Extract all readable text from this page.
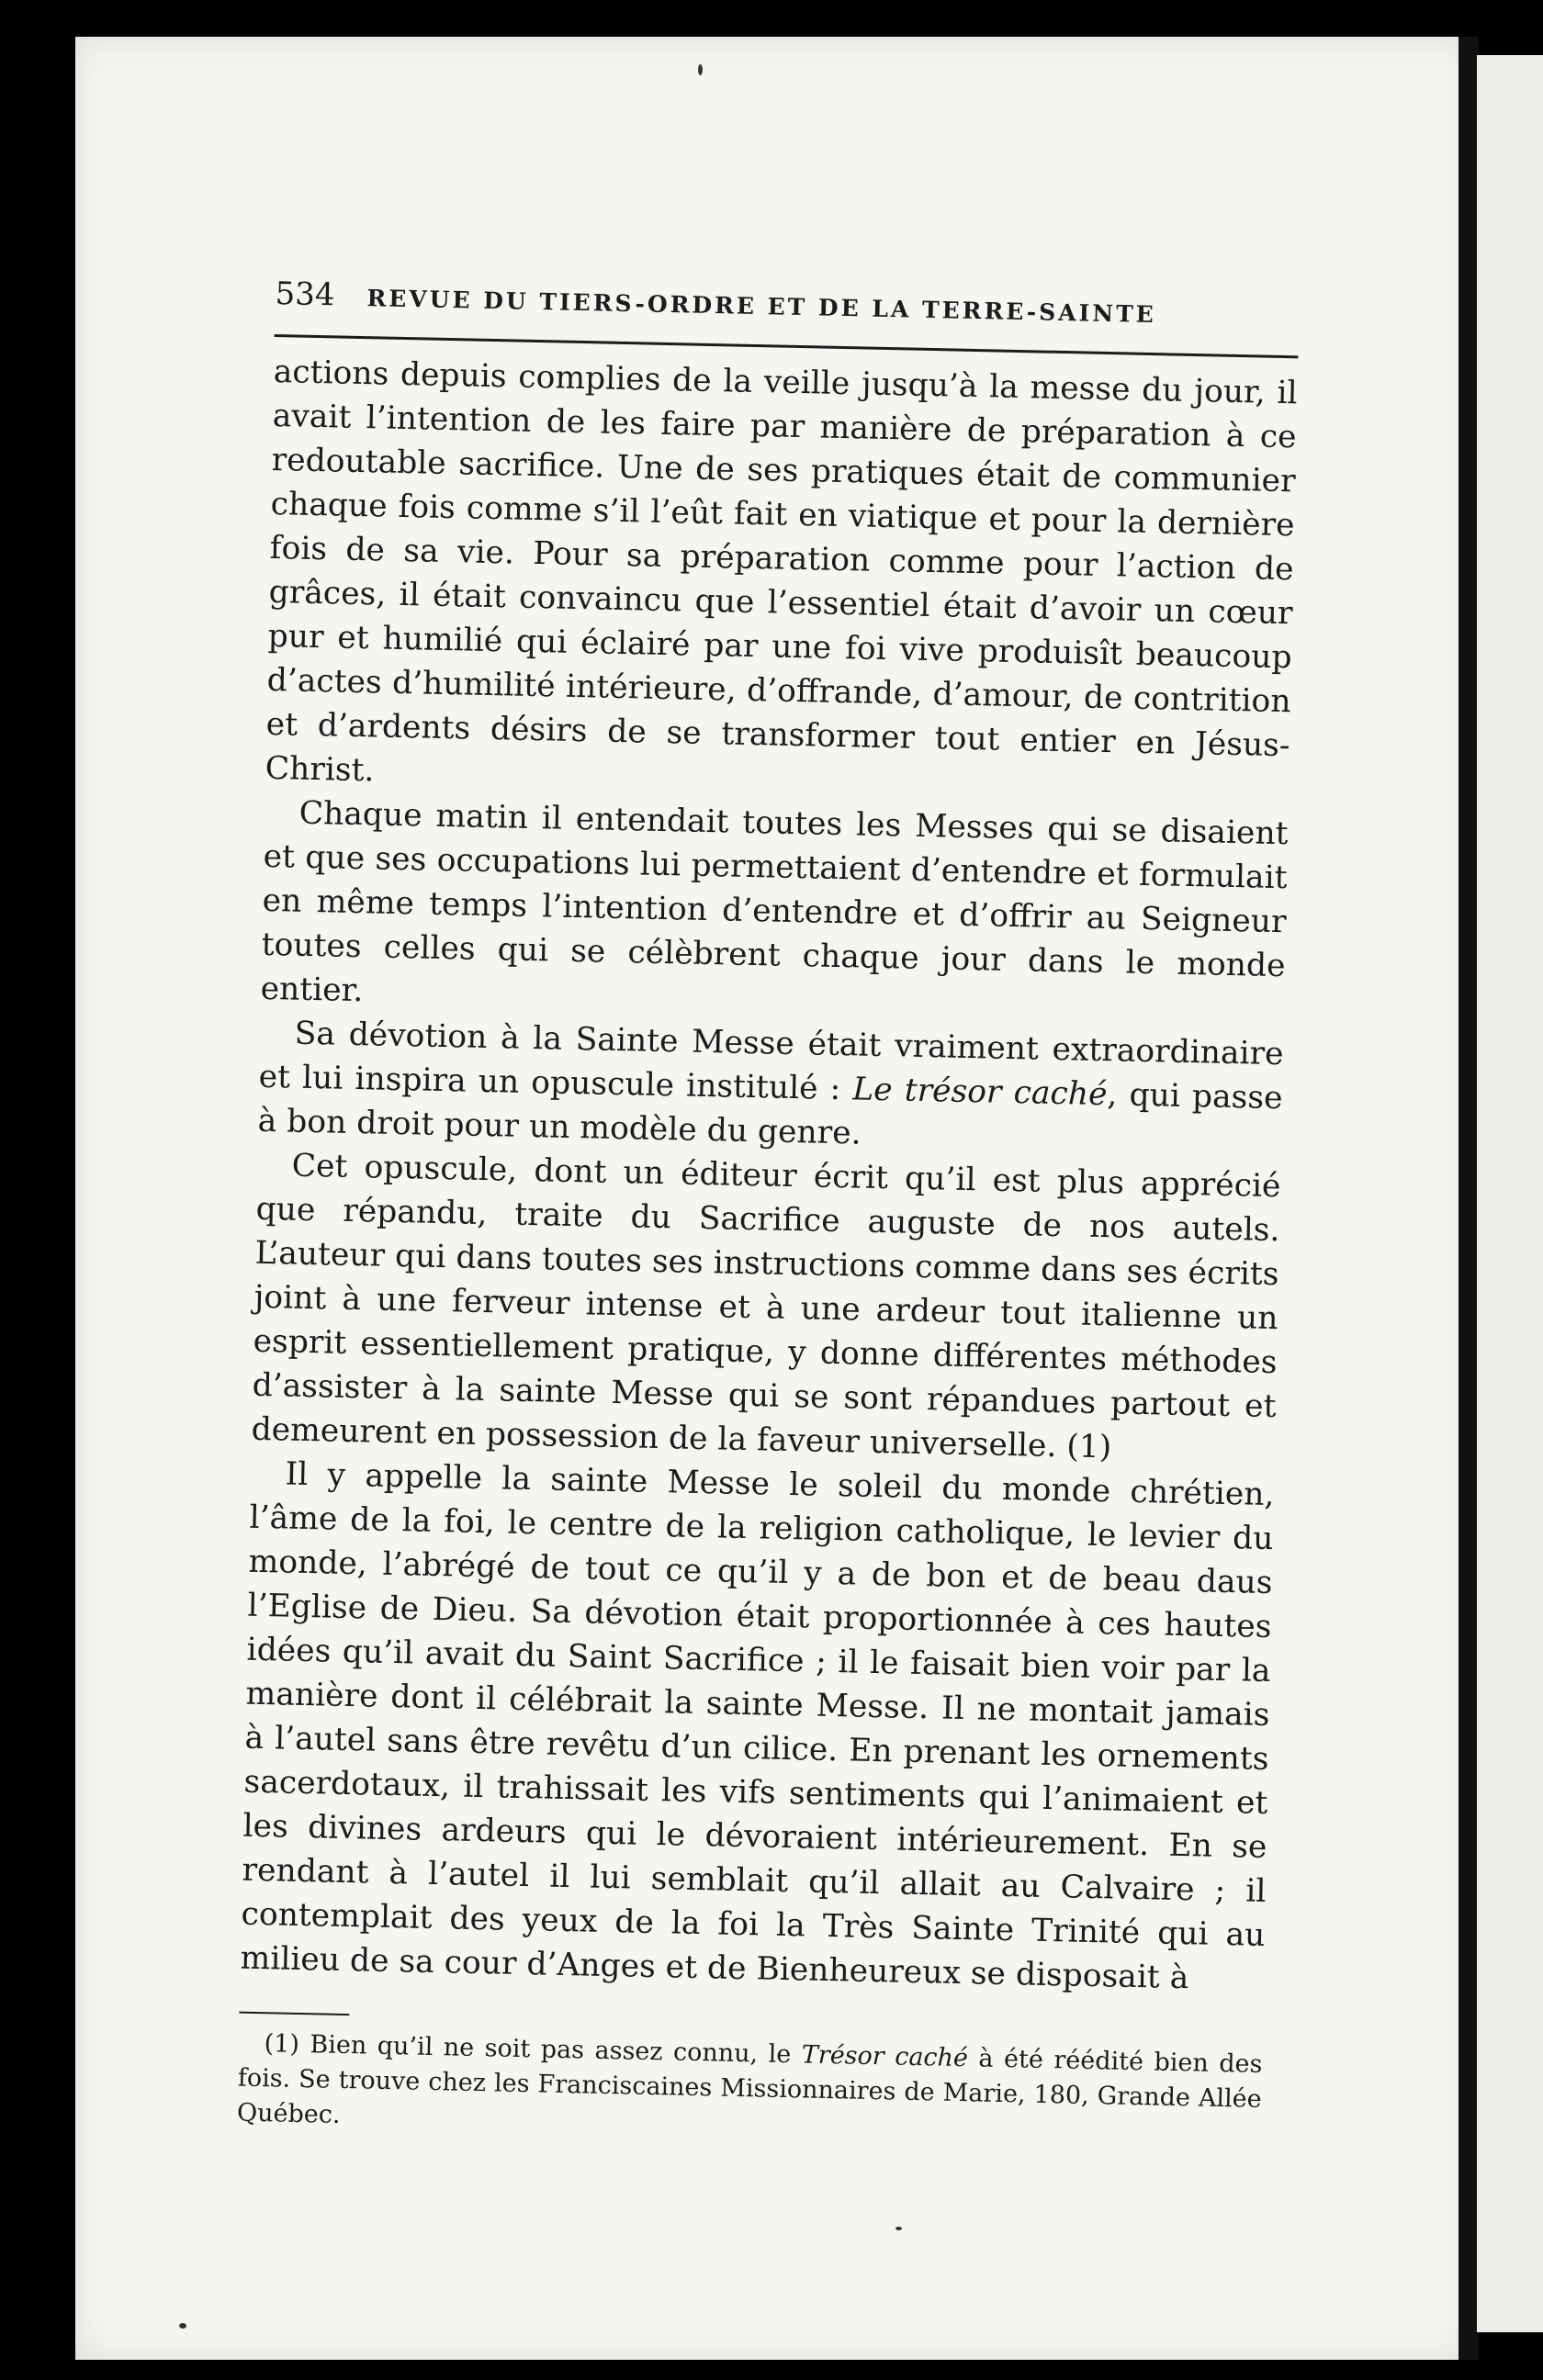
534	REVUE DU TIERS-ORDRE ET DE LA TERRE-SAINTE

actions depuis complies de la veille jusqu’à la messe du jour, il avait l’intention de les faire par manière de préparation à ce redoutable sacrifice. Une de ses pratiques était de communier chaque fois comme s’il l’eût fait en viatique et pour la dernière fois de sa vie. Pour sa préparation comme pour l’action de grâces, il était convaincu que l’essentiel était d’avoir un cœur pur et humilié qui éclairé par une foi vive produisît beaucoup d’actes d’humilité intérieure, d’offrande, d’amour, de contrition et d’ardents désirs de se transformer tout entier en Jésus-Christ.

Chaque matin il entendait toutes les Messes qui se disaient et que ses occupations lui permettaient d’entendre et formulait en même temps l’intention d’entendre et d’offrir au Seigneur toutes celles qui se célèbrent chaque jour dans le monde entier.

Sa dévotion à la Sainte Messe était vraiment extraordinaire et lui inspira un opuscule institulé : Le trésor caché, qui passe à bon droit pour un modèle du genre.

Cet opuscule, dont un éditeur écrit qu’il est plus apprécié que répandu, traite du Sacrifice auguste de nos autels. L’auteur qui dans toutes ses instructions comme dans ses écrits joint à une ferveur intense et à une ardeur tout italienne un esprit essentiellement pratique, y donne différentes méthodes d’assister à la sainte Messe qui se sont répandues partout et demeurent en possession de la faveur universelle. (1)

Il y appelle la sainte Messe le soleil du monde chrétien, l’âme de la foi, le centre de la religion catholique, le levier du monde, l’abrégé de tout ce qu’il y a de bon et de beau daus l’Eglise de Dieu. Sa dévotion était proportionnée à ces hautes idées qu’il avait du Saint Sacrifice ; il le faisait bien voir par la manière dont il célébrait la sainte Messe. Il ne montait jamais à l’autel sans être revêtu d’un cilice. En prenant les ornements sacerdotaux, il trahissait les vifs sentiments qui l’animaient et les divines ardeurs qui le dévoraient intérieurement. En se rendant à l’autel il lui semblait qu’il allait au Calvaire ; il contemplait des yeux de la foi la Très Sainte Trinité qui au milieu de sa cour d’Anges et de Bienheureux se disposait à

(1) Bien qu’il ne soit pas assez connu, le Trésor caché à été réédité bien des fois. Se trouve chez les Franciscaines Missionnaires de Marie, 180, Grande Allée Québec.
